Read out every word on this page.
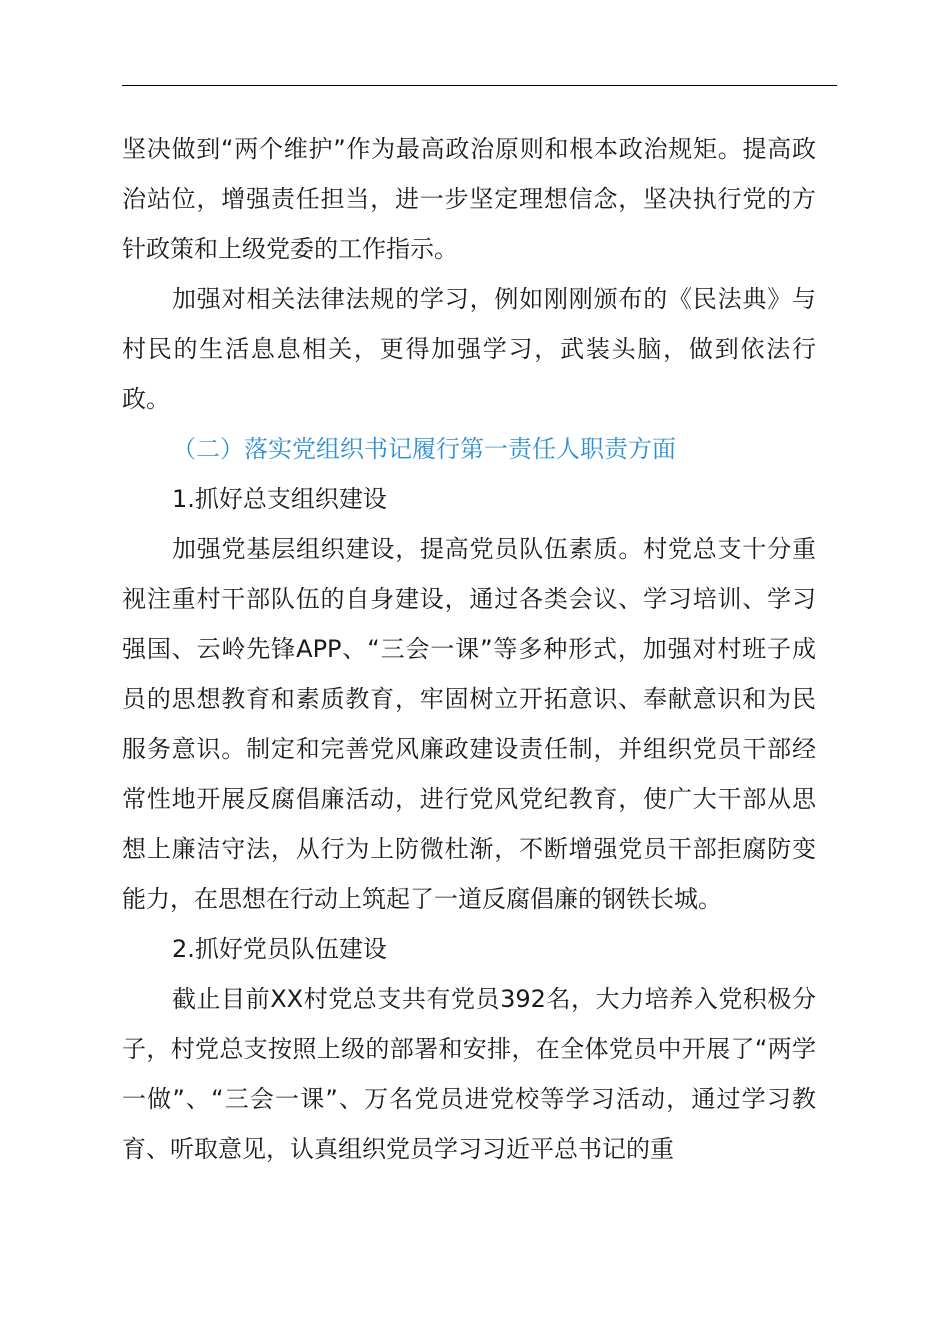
坚决做到“两个维护”作为最高政治原则和根本政治规矩。提高政治站位，增强责任担当，进一步坚定理想信念，坚决执行党的方针政策和上级党委的工作指示。

加强对相关法律法规的学习，例如刚刚颁布的《民法典》与村民的生活息息相关，更得加强学习，武装头脑，做到依法行政。

（二）落实党组织书记履行第一责任人职责方面

1.抓好总支组织建设

加强党基层组织建设，提高党员队伍素质。村党总支十分重视注重村干部队伍的自身建设，通过各类会议、学习培训、学习强国、云岭先锋APP、“三会一课”等多种形式，加强对村班子成员的思想教育和素质教育，牢固树立开拓意识、奉献意识和为民服务意识。制定和完善党风廉政建设责任制，并组织党员干部经常性地开展反腐倡廉活动，进行党风党纪教育，使广大干部从思想上廉洁守法，从行为上防微杜渐，不断增强党员干部拒腐防变能力，在思想在行动上筑起了一道反腐倡廉的钢铁长城。

2.抓好党员队伍建设

截止目前XX村党总支共有党员392名，大力培养入党积极分子，村党总支按照上级的部署和安排，在全体党员中开展了“两学一做”、“三会一课”、万名党员进党校等学习活动，通过学习教育、听取意见，认真组织党员学习习近平总书记的重
